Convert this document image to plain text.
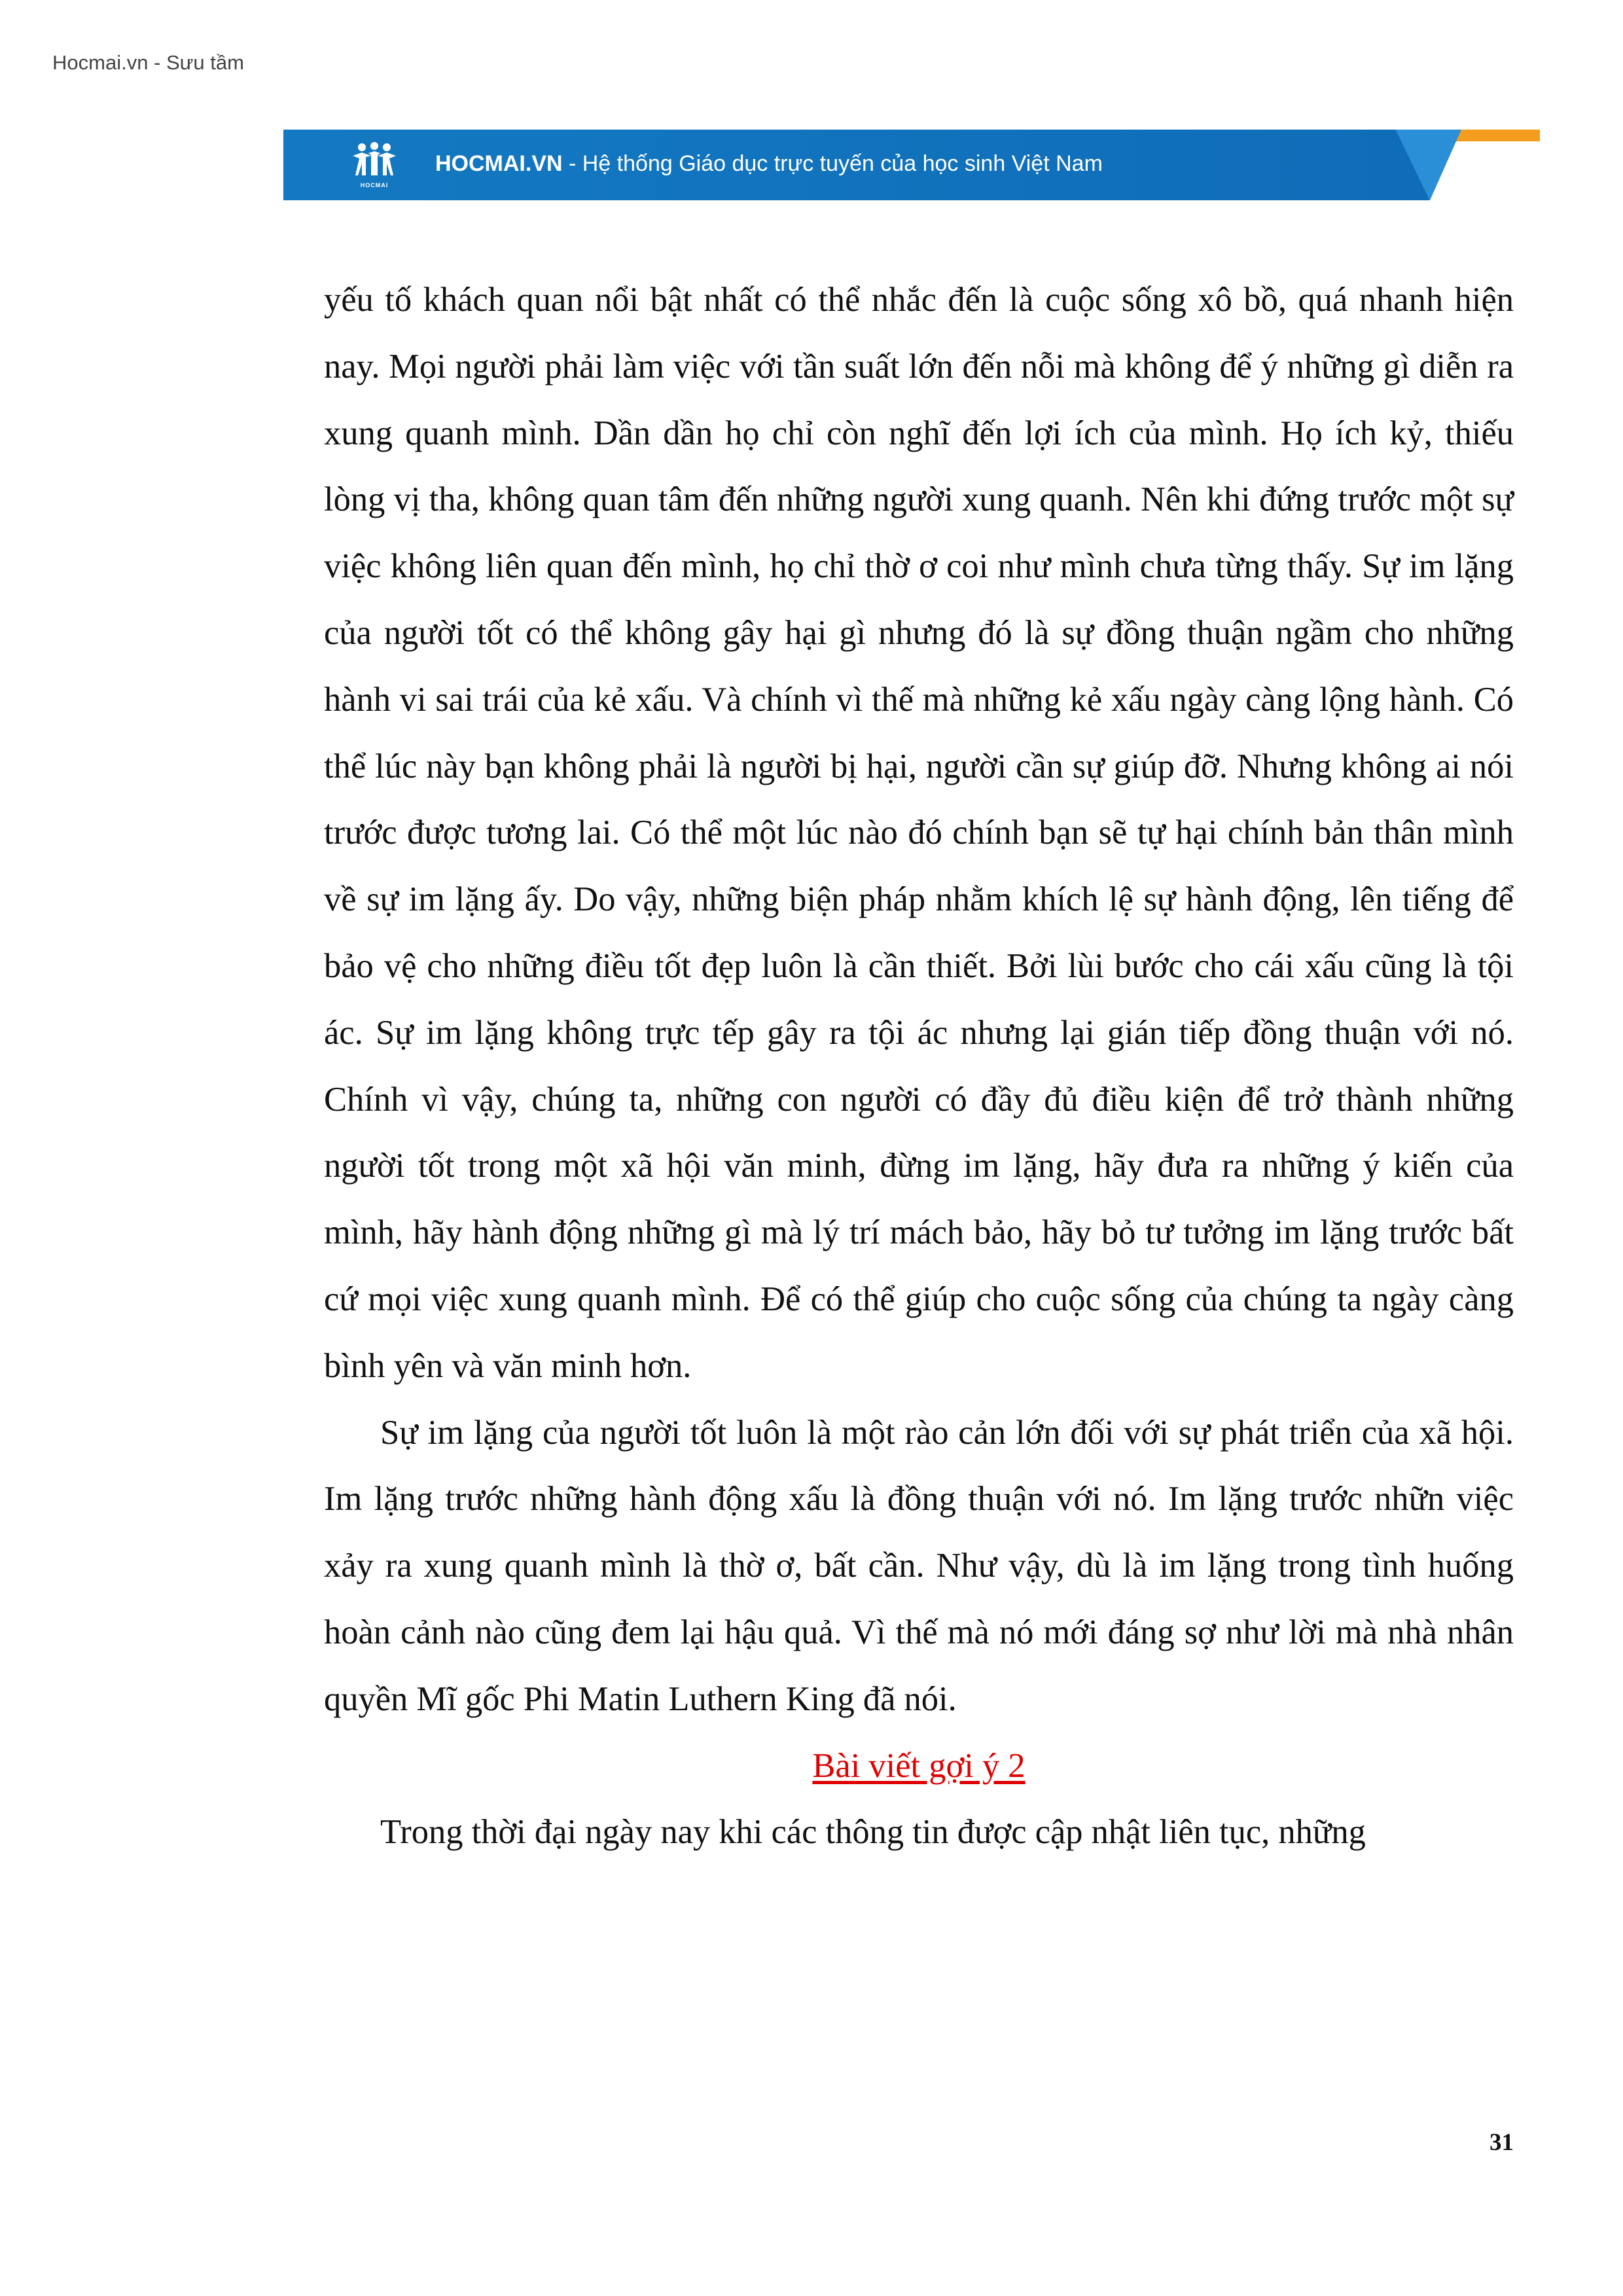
Hocmai.vn - Sưu tầm
HOCMAI
HOCMAI.VN - Hệ thống Giáo dục trực tuyến của học sinh Việt Nam

yếu tố khách quan nổi bật nhất có thể nhắc đến là cuộc sống xô bồ, quá nhanh hiện nay. Mọi người phải làm việc với tần suất lớn đến nỗi mà không để ý những gì diễn ra xung quanh mình. Dần dần họ chỉ còn nghĩ đến lợi ích của mình. Họ ích kỷ, thiếu lòng vị tha, không quan tâm đến những người xung quanh. Nên khi đứng trước một sự việc không liên quan đến mình, họ chỉ thờ ơ coi như mình chưa từng thấy. Sự im lặng của người tốt có thể không gây hại gì nhưng đó là sự đồng thuận ngầm cho những hành vi sai trái của kẻ xấu. Và chính vì thế mà những kẻ xấu ngày càng lộng hành. Có thể lúc này bạn không phải là người bị hại, người cần sự giúp đỡ. Nhưng không ai nói trước được tương lai. Có thể một lúc nào đó chính bạn sẽ tự hại chính bản thân mình về sự im lặng ấy. Do vậy, những biện pháp nhằm khích lệ sự hành động, lên tiếng để bảo vệ cho những điều tốt đẹp luôn là cần thiết. Bởi lùi bước cho cái xấu cũng là tội ác. Sự im lặng không trực tếp gây ra tội ác nhưng lại gián tiếp đồng thuận với nó. Chính vì vậy, chúng ta, những con người có đầy đủ điều kiện để trở thành những người tốt trong một xã hội văn minh, đừng im lặng, hãy đưa ra những ý kiến của mình, hãy hành động những gì mà lý trí mách bảo, hãy bỏ tư tưởng im lặng trước bất cứ mọi việc xung quanh mình. Để có thể giúp cho cuộc sống của chúng ta ngày càng bình yên và văn minh hơn.

Sự im lặng của người tốt luôn là một rào cản lớn đối với sự phát triển của xã hội. Im lặng trước những hành động xấu là đồng thuận với nó. Im lặng trước nhữn việc xảy ra xung quanh mình là thờ ơ, bất cần. Như vậy, dù là im lặng trong tình huống hoàn cảnh nào cũng đem lại hậu quả. Vì thế mà nó mới đáng sợ như lời mà nhà nhân quyền Mĩ gốc Phi Matin Luthern King đã nói.

Bài viết gợi ý 2

Trong thời đại ngày nay khi các thông tin được cập nhật liên tục, những

31
